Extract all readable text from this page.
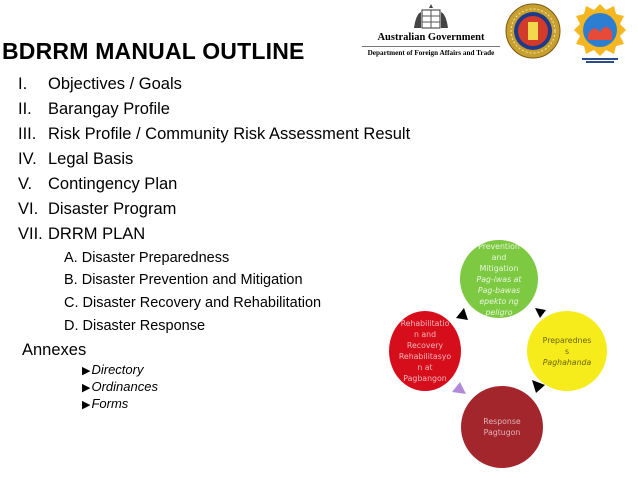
BDRRM MANUAL OUTLINE
I. Objectives / Goals
II. Barangay Profile
III. Risk Profile / Community Risk Assessment Result
IV. Legal Basis
V. Contingency Plan
VI. Disaster Program
VII. DRRM PLAN
A. Disaster Preparedness
B. Disaster Prevention and Mitigation
C. Disaster Recovery and Rehabilitation
D. Disaster Response
Annexes
▶Directory
▶Ordinances
▶Forms
Australian Government
Department of Foreign Affairs and Trade
Prevention
and
Mitigation
Pag-iwas at
Pag-bawas
epekto ng
peligro
Preparednes
s
Paghahanda
Response
Pagtugon
Rehabilitatio
n and
Recovery
Rehabilitasyo
n at
Pagbangon
